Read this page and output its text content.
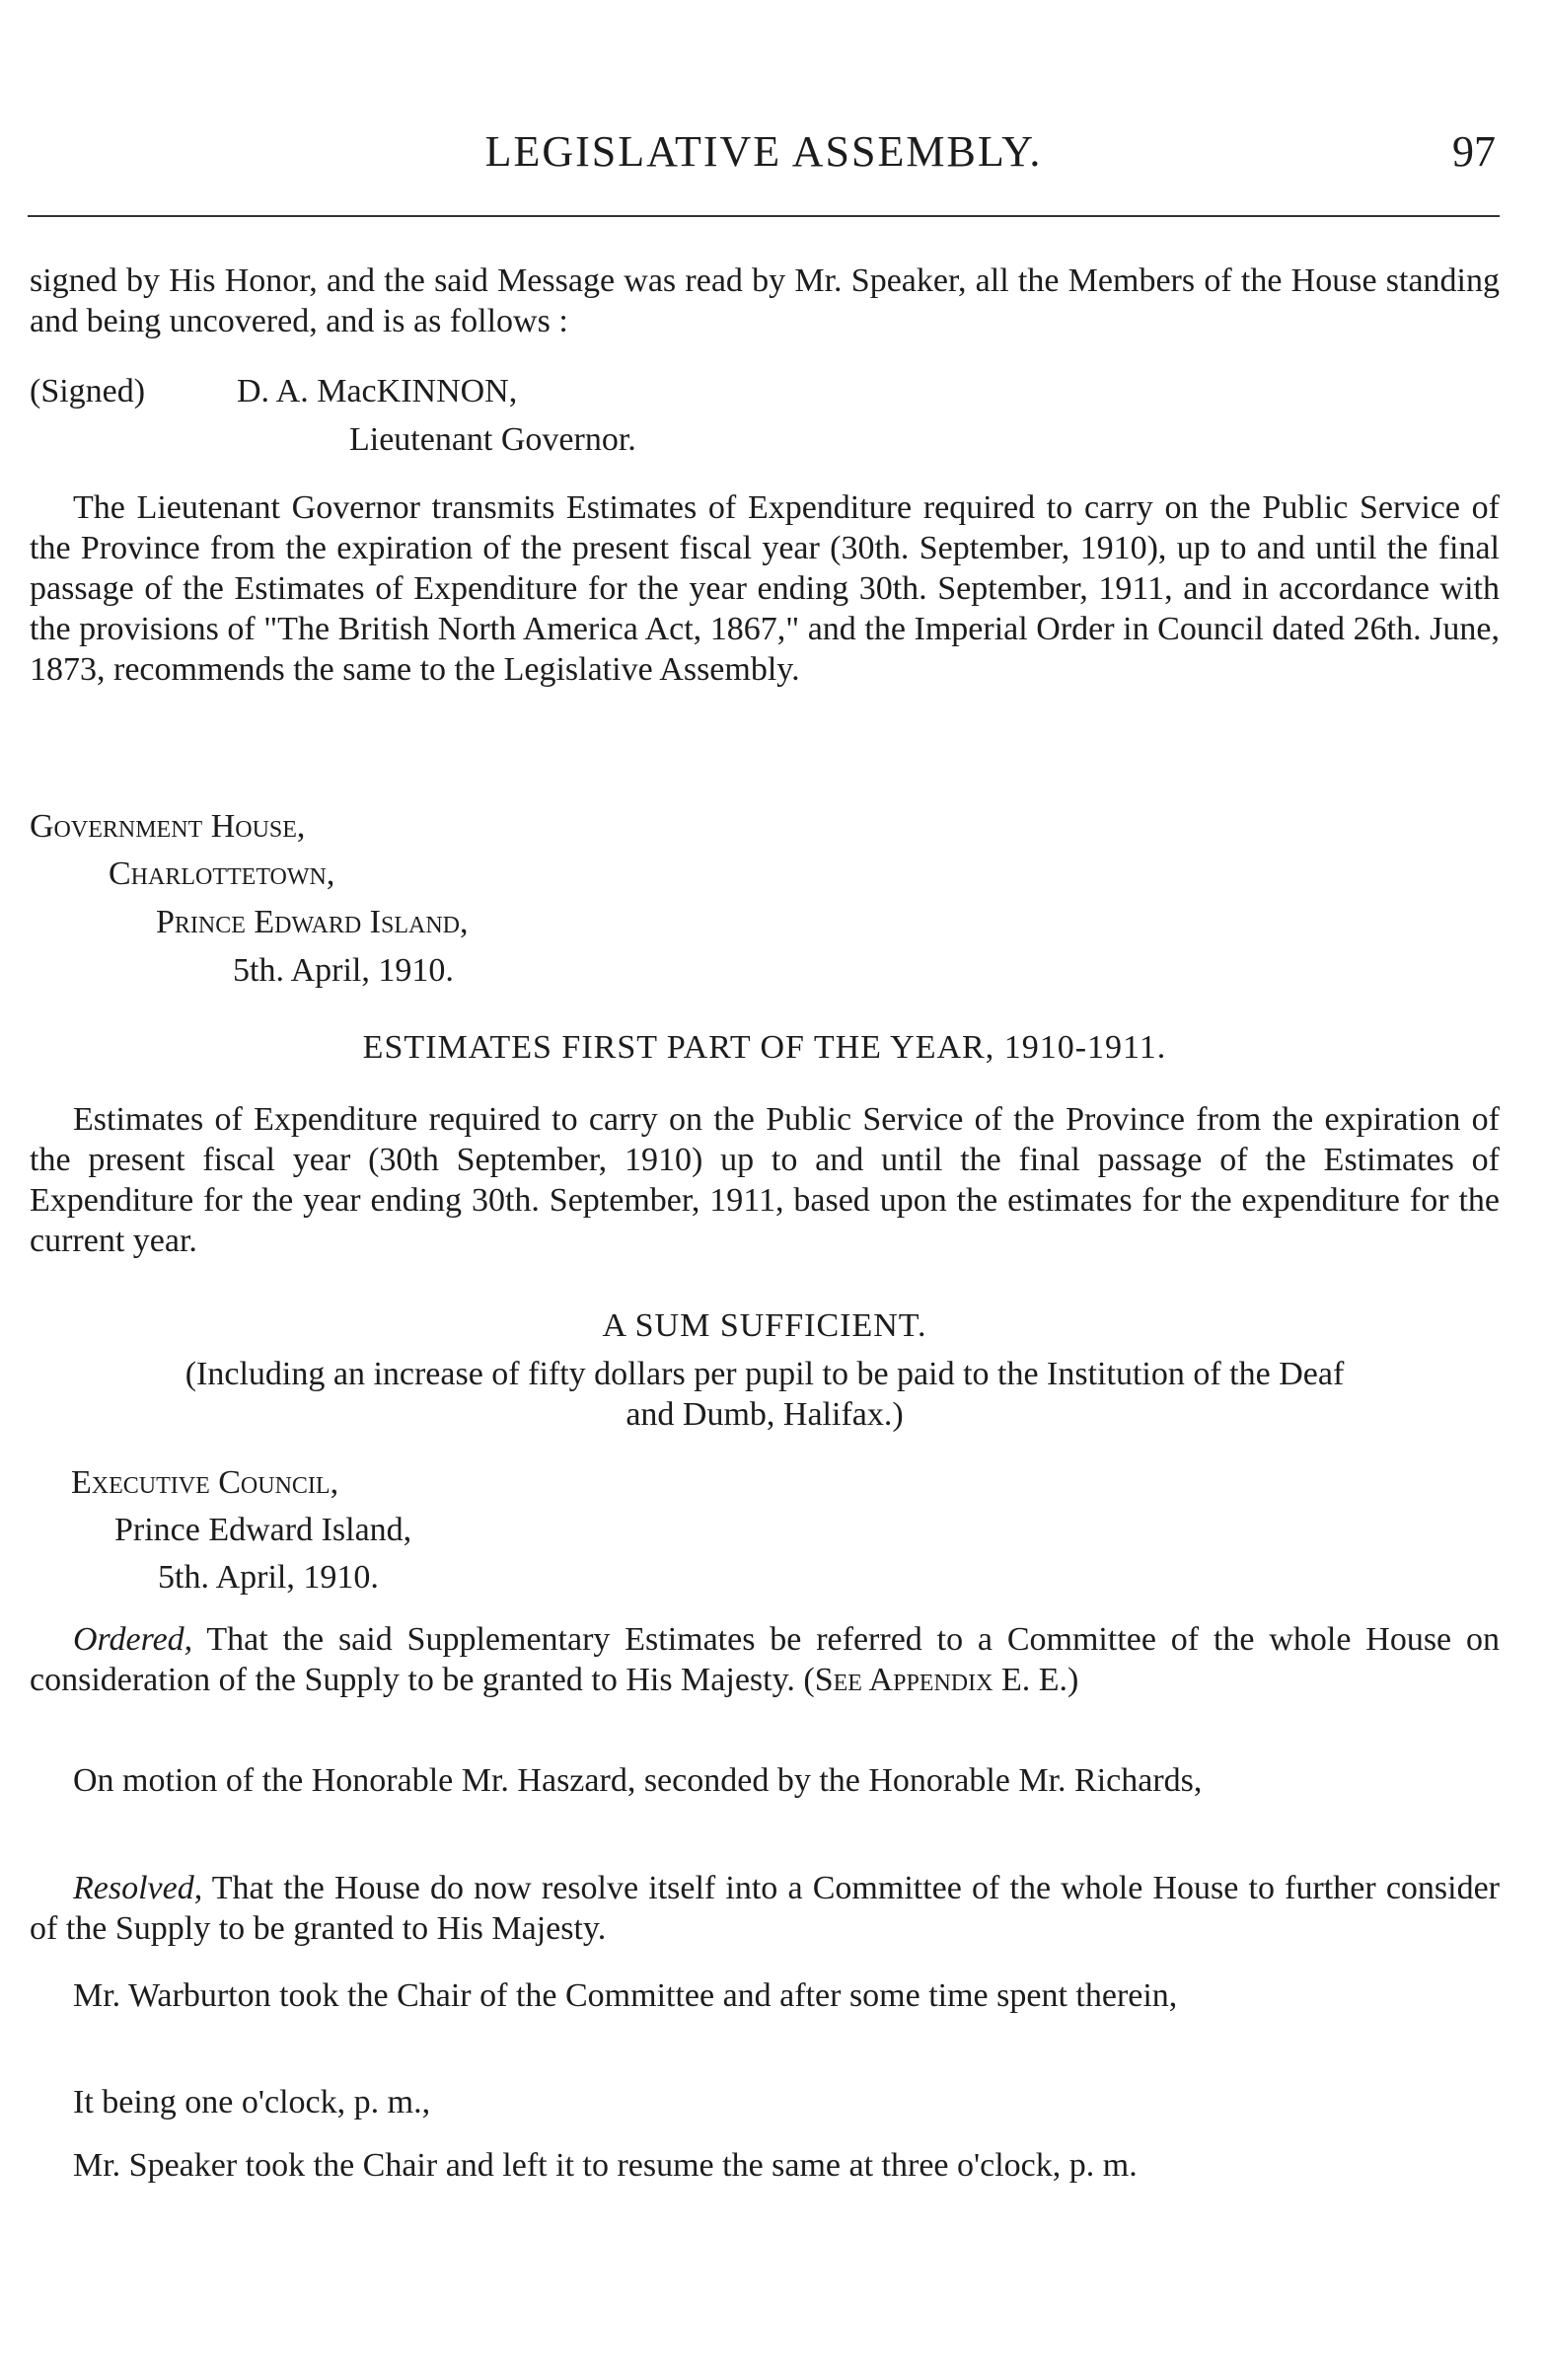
LEGISLATIVE ASSEMBLY.	97

signed by His Honor, and the said Message was read by Mr. Speaker, all the Members of the House standing and being uncovered, and is as follows :

(Signed)	D. A. MacKINNON,
Lieutenant Governor.

The Lieutenant Governor transmits Estimates of Expenditure required to carry on the Public Service of the Province from the expiration of the present fiscal year (30th. September, 1910), up to and until the final passage of the Estimates of Expenditure for the year ending 30th. September, 1911, and in accordance with the provisions of "The British North America Act, 1867," and the Imperial Order in Council dated 26th. June, 1873, recommends the same to the Legislative Assembly.

Government House,
Charlottetown,
Prince Edward Island,
5th. April, 1910.
ESTIMATES FIRST PART OF THE YEAR, 1910-1911.

Estimates of Expenditure required to carry on the Public Service of the Province from the expiration of the present fiscal year (30th September, 1910) up to and until the final passage of the Estimates of Expenditure for the year ending 30th. September, 1911, based upon the estimates for the expenditure for the current year.

A SUM SUFFICIENT.

(Including an increase of fifty dollars per pupil to be paid to the Institution of the Deaf and Dumb, Halifax.)

Executive Council,
Prince Edward Island,
5th. April, 1910.

Ordered, That the said Supplementary Estimates be referred to a Committee of the whole House on consideration of the Supply to be granted to His Majesty. (See Appendix E. E.)

On motion of the Honorable Mr. Haszard, seconded by the Honorable Mr. Richards,

Resolved, That the House do now resolve itself into a Committee of the whole House to further consider of the Supply to be granted to His Majesty.

Mr. Warburton took the Chair of the Committee and after some time spent therein,

It being one o'clock, p. m.,

Mr. Speaker took the Chair and left it to resume the same at three o'clock, p. m.
